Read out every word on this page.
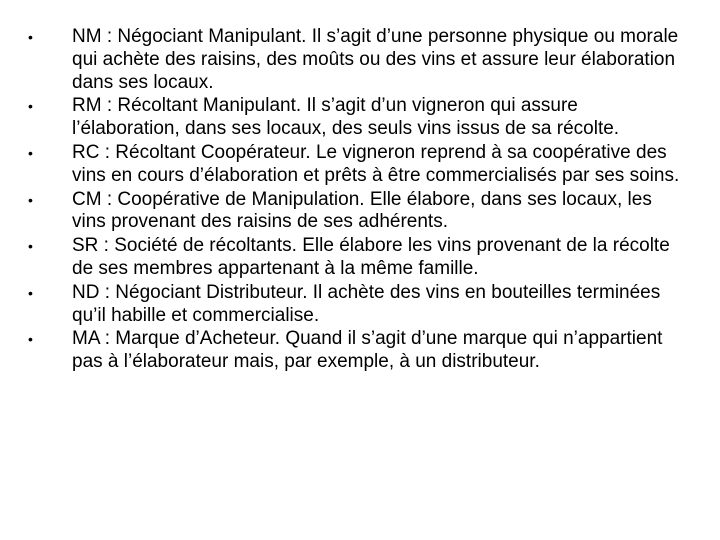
•	NM : Négociant Manipulant. Il s’agit d’une personne physique ou morale qui achète des raisins, des moûts ou des vins et assure leur élaboration dans ses locaux.
•	RM : Récoltant Manipulant. Il s’agit d’un vigneron qui assure l’élaboration, dans ses locaux, des seuls vins issus de sa récolte.
•	RC : Récoltant Coopérateur. Le vigneron reprend à sa coopérative des vins en cours d’élaboration et prêts à être commercialisés par ses soins.
•	CM : Coopérative de Manipulation. Elle élabore, dans ses locaux, les vins provenant des raisins de ses adhérents.
•	SR : Société de récoltants. Elle élabore les vins provenant de la récolte de ses membres appartenant à la même famille.
•	ND : Négociant Distributeur. Il achète des vins en bouteilles terminées qu’il habille et commercialise.
•	MA : Marque d’Acheteur. Quand il s’agit d’une marque qui n’appartient pas à l’élaborateur mais, par exemple, à un distributeur.
